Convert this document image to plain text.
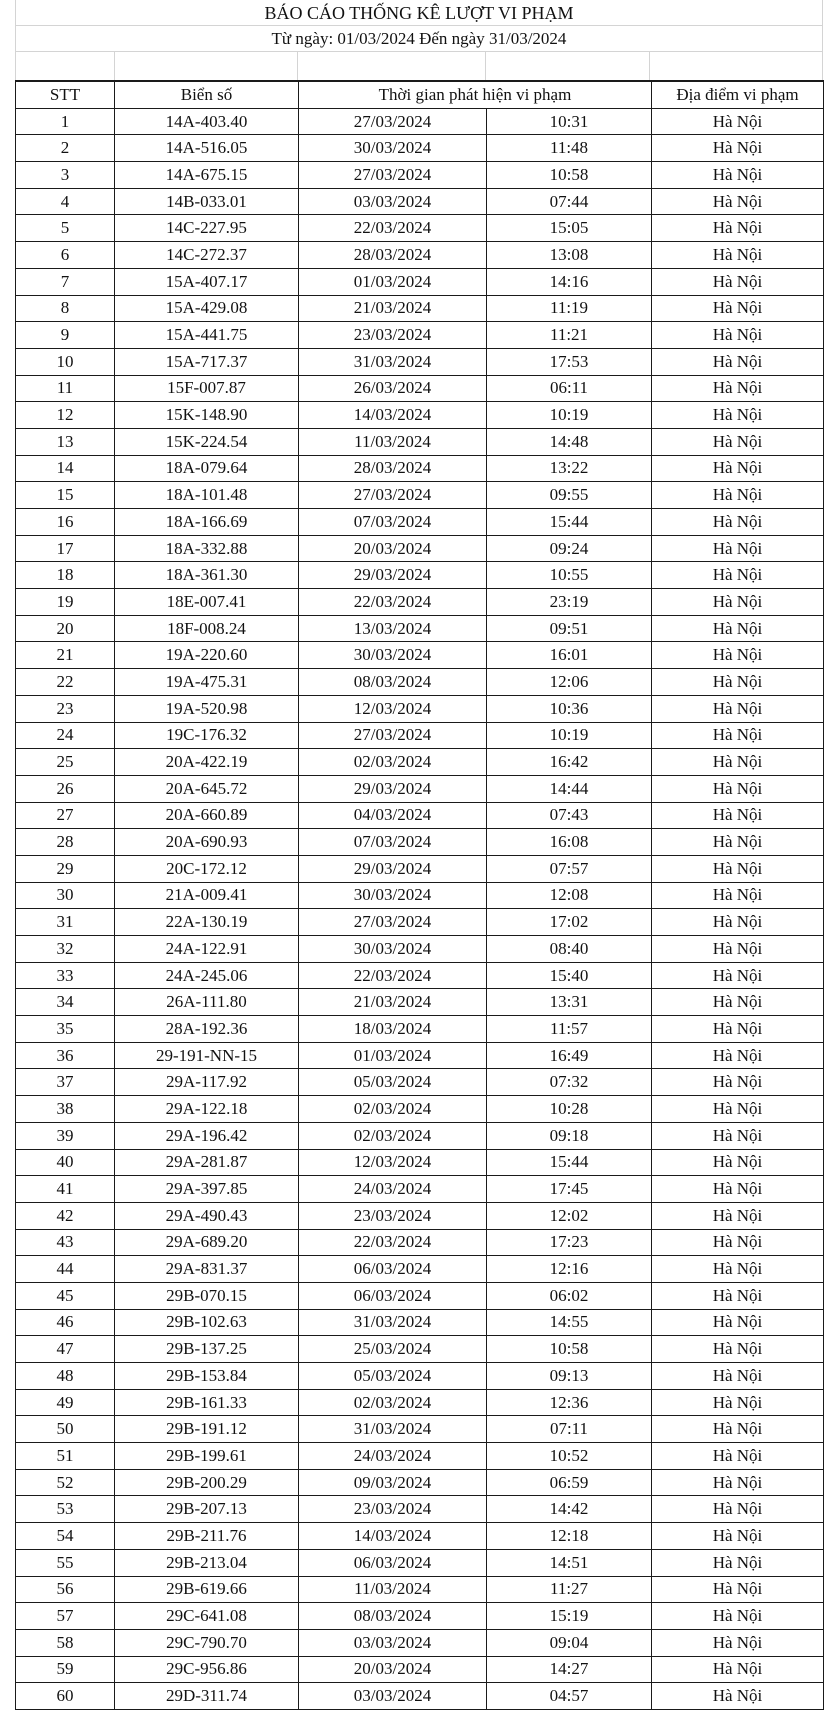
BÁO CÁO THỐNG KÊ LƯỢT VI PHẠM
Từ ngày: 01/03/2024 Đến ngày 31/03/2024
STT	Biển số	Thời gian phát hiện vi phạm		Địa điểm vi phạm
1	14A-403.40	27/03/2024	10:31	Hà Nội
2	14A-516.05	30/03/2024	11:48	Hà Nội
3	14A-675.15	27/03/2024	10:58	Hà Nội
4	14B-033.01	03/03/2024	07:44	Hà Nội
5	14C-227.95	22/03/2024	15:05	Hà Nội
6	14C-272.37	28/03/2024	13:08	Hà Nội
7	15A-407.17	01/03/2024	14:16	Hà Nội
8	15A-429.08	21/03/2024	11:19	Hà Nội
9	15A-441.75	23/03/2024	11:21	Hà Nội
10	15A-717.37	31/03/2024	17:53	Hà Nội
11	15F-007.87	26/03/2024	06:11	Hà Nội
12	15K-148.90	14/03/2024	10:19	Hà Nội
13	15K-224.54	11/03/2024	14:48	Hà Nội
14	18A-079.64	28/03/2024	13:22	Hà Nội
15	18A-101.48	27/03/2024	09:55	Hà Nội
16	18A-166.69	07/03/2024	15:44	Hà Nội
17	18A-332.88	20/03/2024	09:24	Hà Nội
18	18A-361.30	29/03/2024	10:55	Hà Nội
19	18E-007.41	22/03/2024	23:19	Hà Nội
20	18F-008.24	13/03/2024	09:51	Hà Nội
21	19A-220.60	30/03/2024	16:01	Hà Nội
22	19A-475.31	08/03/2024	12:06	Hà Nội
23	19A-520.98	12/03/2024	10:36	Hà Nội
24	19C-176.32	27/03/2024	10:19	Hà Nội
25	20A-422.19	02/03/2024	16:42	Hà Nội
26	20A-645.72	29/03/2024	14:44	Hà Nội
27	20A-660.89	04/03/2024	07:43	Hà Nội
28	20A-690.93	07/03/2024	16:08	Hà Nội
29	20C-172.12	29/03/2024	07:57	Hà Nội
30	21A-009.41	30/03/2024	12:08	Hà Nội
31	22A-130.19	27/03/2024	17:02	Hà Nội
32	24A-122.91	30/03/2024	08:40	Hà Nội
33	24A-245.06	22/03/2024	15:40	Hà Nội
34	26A-111.80	21/03/2024	13:31	Hà Nội
35	28A-192.36	18/03/2024	11:57	Hà Nội
36	29-191-NN-15	01/03/2024	16:49	Hà Nội
37	29A-117.92	05/03/2024	07:32	Hà Nội
38	29A-122.18	02/03/2024	10:28	Hà Nội
39	29A-196.42	02/03/2024	09:18	Hà Nội
40	29A-281.87	12/03/2024	15:44	Hà Nội
41	29A-397.85	24/03/2024	17:45	Hà Nội
42	29A-490.43	23/03/2024	12:02	Hà Nội
43	29A-689.20	22/03/2024	17:23	Hà Nội
44	29A-831.37	06/03/2024	12:16	Hà Nội
45	29B-070.15	06/03/2024	06:02	Hà Nội
46	29B-102.63	31/03/2024	14:55	Hà Nội
47	29B-137.25	25/03/2024	10:58	Hà Nội
48	29B-153.84	05/03/2024	09:13	Hà Nội
49	29B-161.33	02/03/2024	12:36	Hà Nội
50	29B-191.12	31/03/2024	07:11	Hà Nội
51	29B-199.61	24/03/2024	10:52	Hà Nội
52	29B-200.29	09/03/2024	06:59	Hà Nội
53	29B-207.13	23/03/2024	14:42	Hà Nội
54	29B-211.76	14/03/2024	12:18	Hà Nội
55	29B-213.04	06/03/2024	14:51	Hà Nội
56	29B-619.66	11/03/2024	11:27	Hà Nội
57	29C-641.08	08/03/2024	15:19	Hà Nội
58	29C-790.70	03/03/2024	09:04	Hà Nội
59	29C-956.86	20/03/2024	14:27	Hà Nội
60	29D-311.74	03/03/2024	04:57	Hà Nội
